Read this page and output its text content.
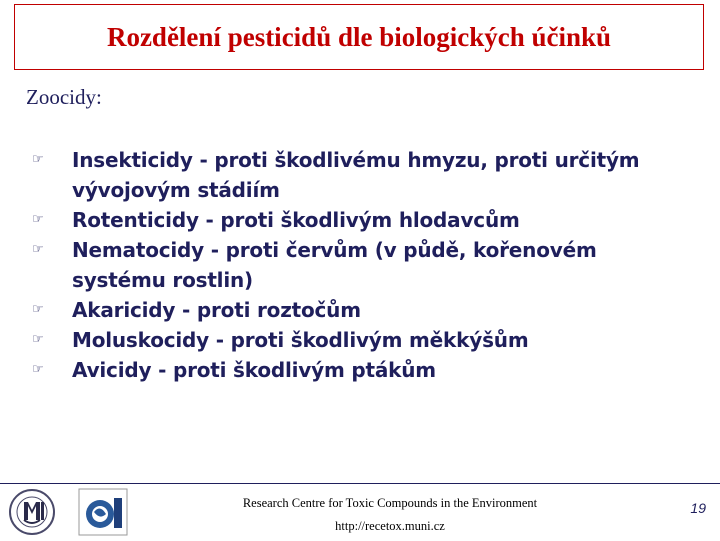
Rozdělení pesticidů dle biologických účinků
Zoocidy:
☞	Insekticidy - proti škodlivému hmyzu, proti určitým vývojovým stádiím
☞	Rotenticidy - proti škodlivým hlodavcům
☞	Nematocidy - proti červům (v půdě, kořenovém systému rostlin)
☞	Akaricidy - proti roztočům
☞	Moluskocidy - proti škodlivým měkkýšům
☞	Avicidy - proti škodlivým ptákům
Research Centre for Toxic Compounds in the Environment
http://recetox.muni.cz
19
